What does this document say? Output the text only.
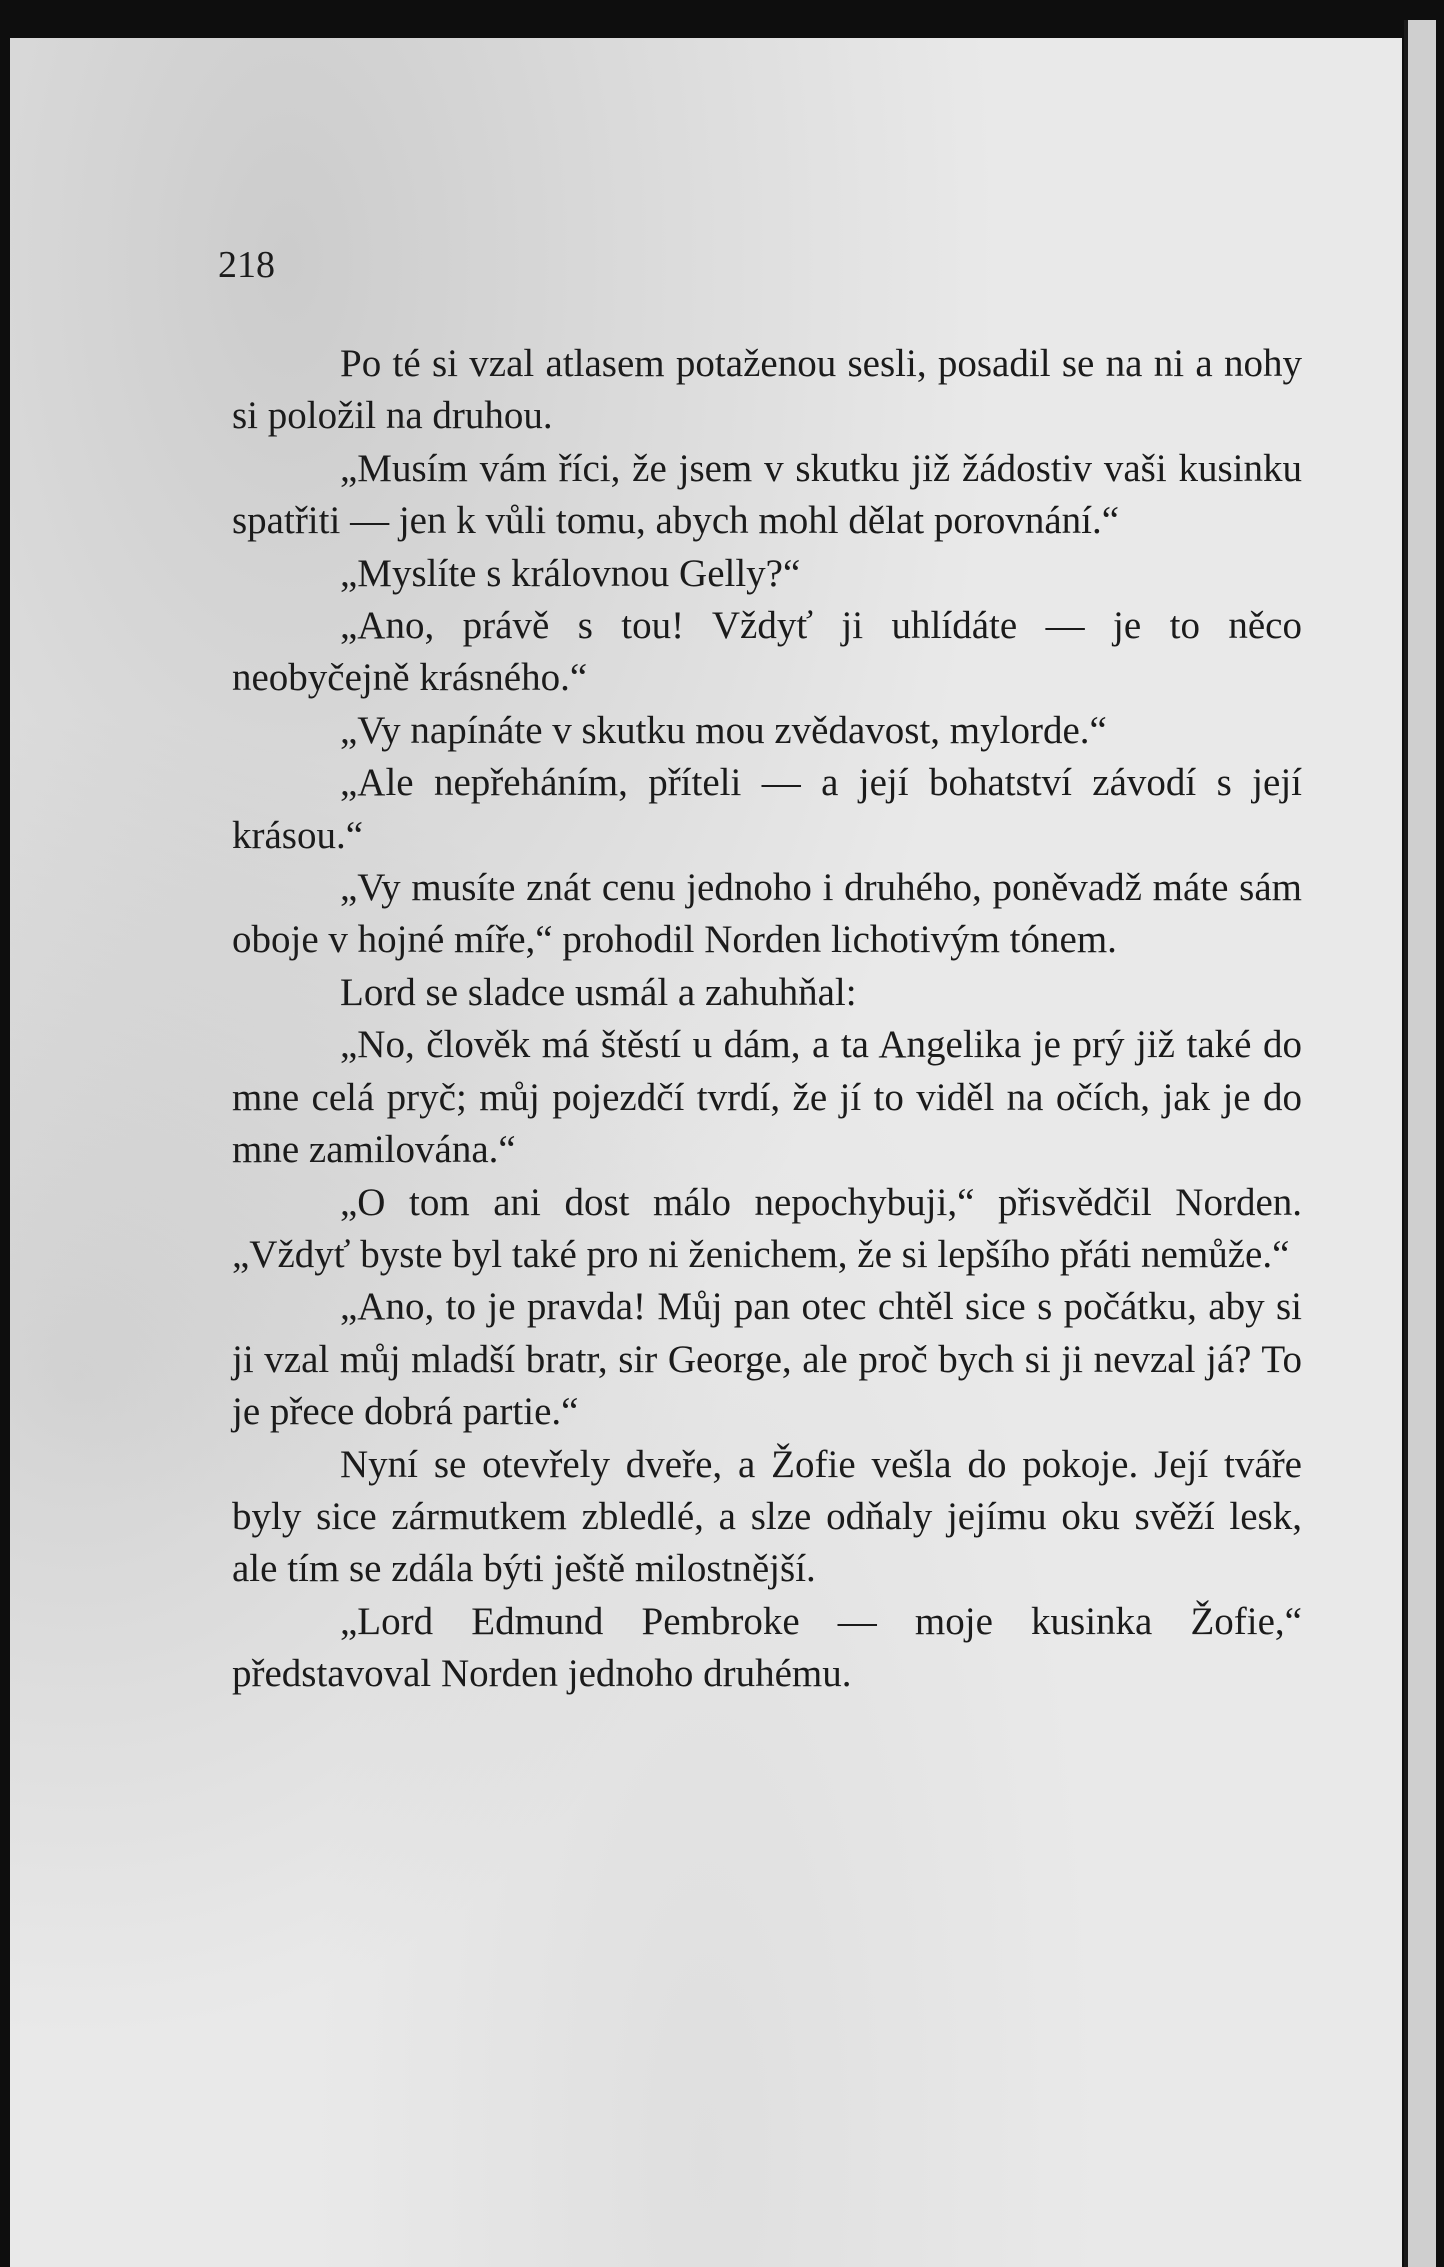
218

Po té si vzal atlasem potaženou sesli, posadil se na ni a nohy si položil na druhou.

„Musím vám říci, že jsem v skutku již žádostiv vaši kusinku spatřiti — jen k vůli tomu, abych mohl dělat porovnání.“

„Myslíte s královnou Gelly?“

„Ano, právě s tou! Vždyť ji uhlídáte — je to něco neobyčejně krásného.“

„Vy napínáte v skutku mou zvědavost, mylorde.“

„Ale nepřeháním, příteli — a její bohatství závodí s její krásou.“

„Vy musíte znát cenu jednoho i druhého, poněvadž máte sám oboje v hojné míře,“ prohodil Norden lichotivým tónem.

Lord se sladce usmál a zahuhňal:

„No, člověk má štěstí u dám, a ta Angelika je prý již také do mne celá pryč; můj pojezdčí tvrdí, že jí to viděl na očích, jak je do mne zamilována.“

„O tom ani dost málo nepochybuji,“ přisvědčil Norden. „Vždyť byste byl také pro ni ženichem, že si lepšího přáti nemůže.“

„Ano, to je pravda! Můj pan otec chtěl sice s počátku, aby si ji vzal můj mladší bratr, sir George, ale proč bych si ji nevzal já? To je přece dobrá partie.“

Nyní se otevřely dveře, a Žofie vešla do pokoje. Její tváře byly sice zármutkem zbledlé, a slze odňaly jejímu oku svěží lesk, ale tím se zdála býti ještě milostnější.

„Lord Edmund Pembroke — moje kusinka Žofie,“ představoval Norden jednoho druhému.
